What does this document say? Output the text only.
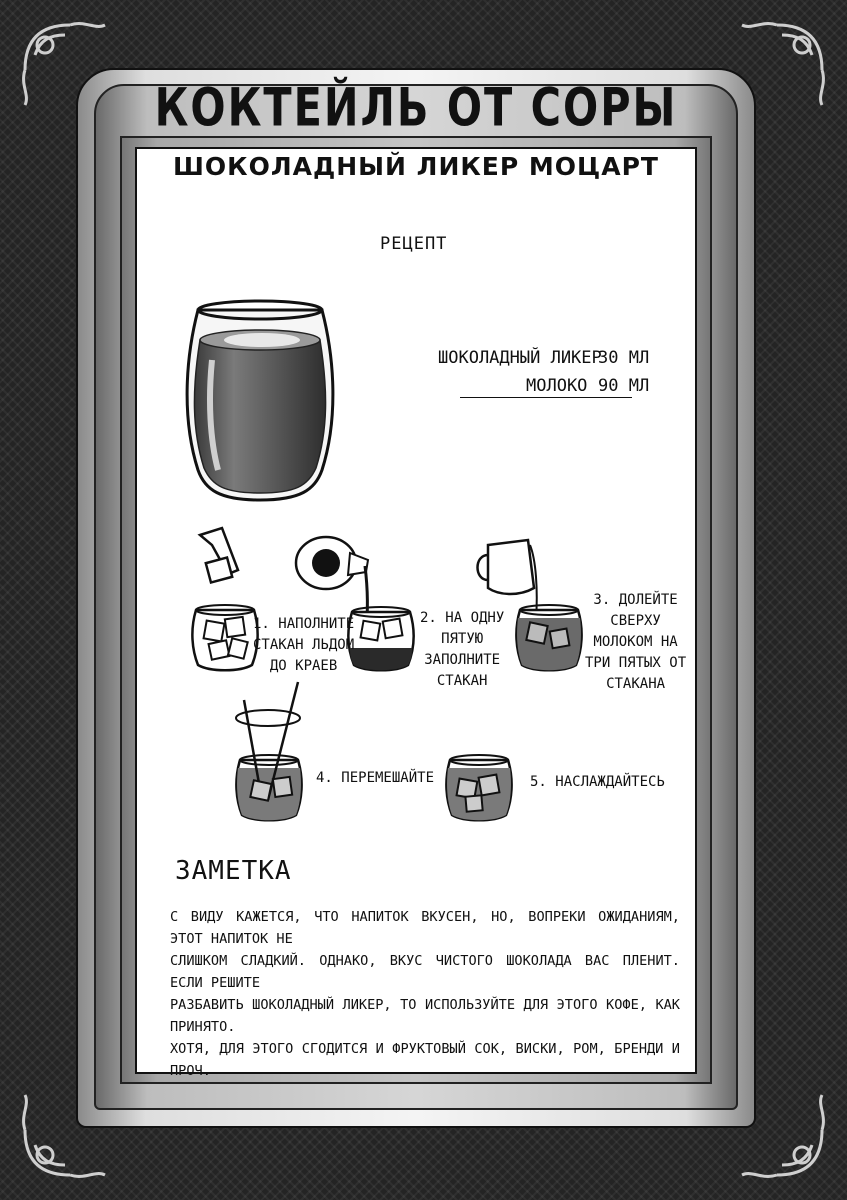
КОКТЕЙЛЬ ОТ СОРЫ
ШОКОЛАДНЫЙ ЛИКЕР МОЦАРТ
РЕЦЕПТ
ШОКОЛАДНЫЙ ЛИКЕР
30 МЛ
МОЛОКО 90 МЛ
1. НАПОЛНИТЕ
СТАКАН ЛЬДОМ
ДО КРАЕВ
2. НА ОДНУ
ПЯТУЮ
ЗАПОЛНИТЕ
СТАКАН
3. ДОЛЕЙТЕ
СВЕРХУ
МОЛОКОМ НА
ТРИ ПЯТЫХ ОТ
СТАКАНА
4. ПЕРЕМЕШАЙТЕ	5. НАСЛАЖДАЙТЕСЬ
ЗАМЕТКА
С ВИДУ КАЖЕТСЯ, ЧТО НАПИТОК ВКУСЕН, НО, ВОПРЕКИ ОЖИДАНИЯМ, ЭТОТ НАПИТОК НЕ
СЛИШКОМ СЛАДКИЙ. ОДНАКО, ВКУС ЧИСТОГО ШОКОЛАДА ВАС ПЛЕНИТ. ЕСЛИ РЕШИТЕ
РАЗБАВИТЬ ШОКОЛАДНЫЙ ЛИКЕР, ТО ИСПОЛЬЗУЙТЕ ДЛЯ ЭТОГО КОФЕ, КАК ПРИНЯТО.
ХОТЯ, ДЛЯ ЭТОГО СГОДИТСЯ И ФРУКТОВЫЙ СОК, ВИСКИ, РОМ, БРЕНДИ И ПРОЧ.
